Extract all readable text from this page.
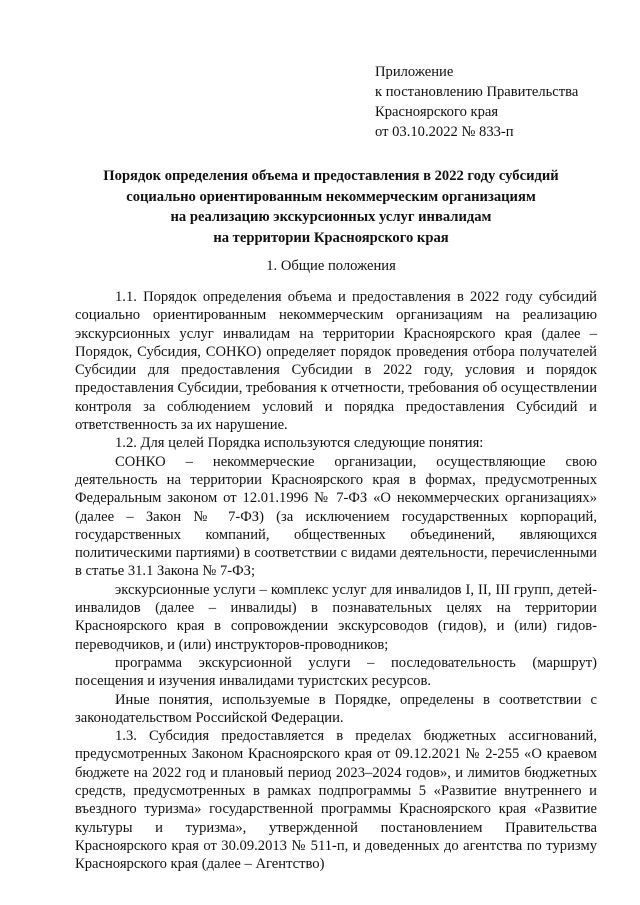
Приложение
к постановлению Правительства
Красноярского края
от 03.10.2022 № 833-п
Порядок определения объема и предоставления в 2022 году субсидий
социально ориентированным некоммерческим организациям
на реализацию экскурсионных услуг инвалидам
на территории Красноярского края
1. Общие положения

1.1. Порядок определения объема и предоставления в 2022 году субсидий социально ориентированным некоммерческим организациям на реализацию экскурсионных услуг инвалидам на территории Красноярского края (далее – Порядок, Субсидия, СОНКО) определяет порядок проведения отбора получателей Субсидии для предоставления Субсидии в 2022 году, условия и порядок предоставления Субсидии, требования к отчетности, требования об осуществлении контроля за соблюдением условий и порядка предоставления Субсидий и ответственность за их нарушение.

1.2. Для целей Порядка используются следующие понятия:

СОНКО – некоммерческие организации, осуществляющие свою деятельность на территории Красноярского края в формах, предусмотренных Федеральным законом от 12.01.1996 № 7-ФЗ «О некоммерческих организациях» (далее – Закон № 7-ФЗ) (за исключением государственных корпораций, государственных компаний, общественных объединений, являющихся политическими партиями) в соответствии с видами деятельности, перечисленными в статье 31.1 Закона № 7-ФЗ;

экскурсионные услуги – комплекс услуг для инвалидов I, II, III групп, детей-инвалидов (далее – инвалиды) в познавательных целях на территории Красноярского края в сопровождении экскурсоводов (гидов), и (или) гидов-переводчиков, и (или) инструкторов-проводников;

программа экскурсионной услуги – последовательность (маршрут) посещения и изучения инвалидами туристских ресурсов.

Иные понятия, используемые в Порядке, определены в соответствии с законодательством Российской Федерации.

1.3. Субсидия предоставляется в пределах бюджетных ассигнований, предусмотренных Законом Красноярского края от 09.12.2021 № 2-255 «О краевом бюджете на 2022 год и плановый период 2023–2024 годов», и лимитов бюджетных средств, предусмотренных в рамках подпрограммы 5 «Развитие внутреннего и въездного туризма» государственной программы Красноярского края «Развитие культуры и туризма», утвержденной постановлением Правительства Красноярского края от 30.09.2013 № 511-п, и доведенных до агентства по туризму Красноярского края (далее – Агентство)
